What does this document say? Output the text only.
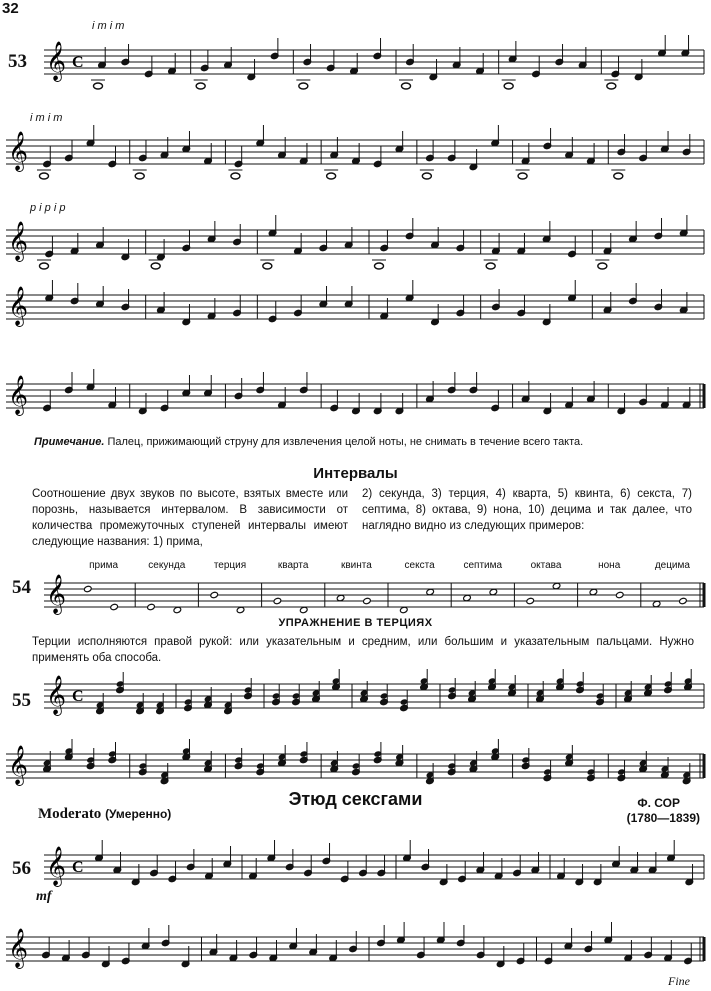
32
53 𝄞 C
𝄞
𝄞
𝄞
𝄞
Примечание. Палец, прижимающий струну для извлечения целой ноты, не снимать в течение всего такта.
Интервалы
Соотношение двух звуков по высоте, взятых вместе или порознь, называется интервалом. В зависимости от количества промежуточных ступеней интервалы имеют следующие названия: 1) прима,
2) секунда, 3) терция, 4) кварта, 5) квинта, 6) секста, 7) септима, 8) октава, 9) нона, 10) децима и так далее, что наглядно видно из следующих примеров:
54
прима	секунда	терция	кварта	квинта	секста	септима	октава	нона	децима
𝄞
УПРАЖНЕНИЕ В ТЕРЦИЯХ
Терции исполняются правой рукой: или указательным и средним, или большим и указательным пальцами. Нужно применять оба способа.
55 𝄞 C
𝄞
Этюд сексгами	Ф. СОР
(1780—1839)
Moderato (Умеренно)
56 𝄞 C
𝄞
mf
Fine
i m i m
i m i m
p i p i p
